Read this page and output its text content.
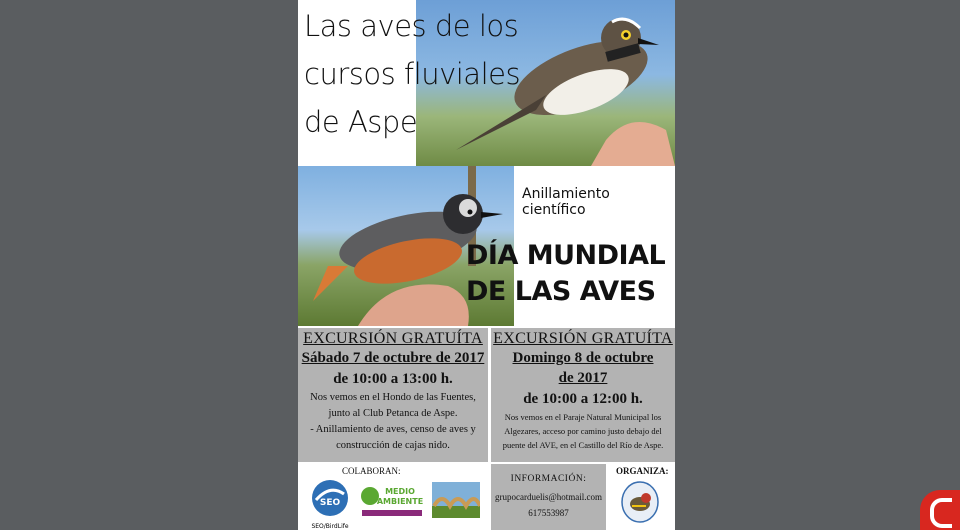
Las aves de los cursos fluviales de Aspe
Anillamiento científico
DÍA MUNDIAL
DE LAS AVES
EXCURSIÓN GRATUÍTA
Sábado 7 de octubre de 2017
de 10:00 a 13:00 h.
Nos vemos en el Hondo de las Fuentes, junto al Club Petanca de Aspe.
- Anillamiento de aves, censo de aves y construcción de cajas nido.
EXCURSIÓN GRATUÍTA
Domingo 8 de octubre
de 2017
de 10:00 a 12:00 h.
Nos vemos en el Paraje Natural Municipal los Algezares, acceso por camino justo debajo del puente del AVE, en el Castillo del Río de Aspe.
COLABORAN:
SEO
SEO/BirdLife
MEDIO
AMBIENTE
INFORMACIÓN:
grupocarduelis@hotmail.com
617553987
ORGANIZA:
